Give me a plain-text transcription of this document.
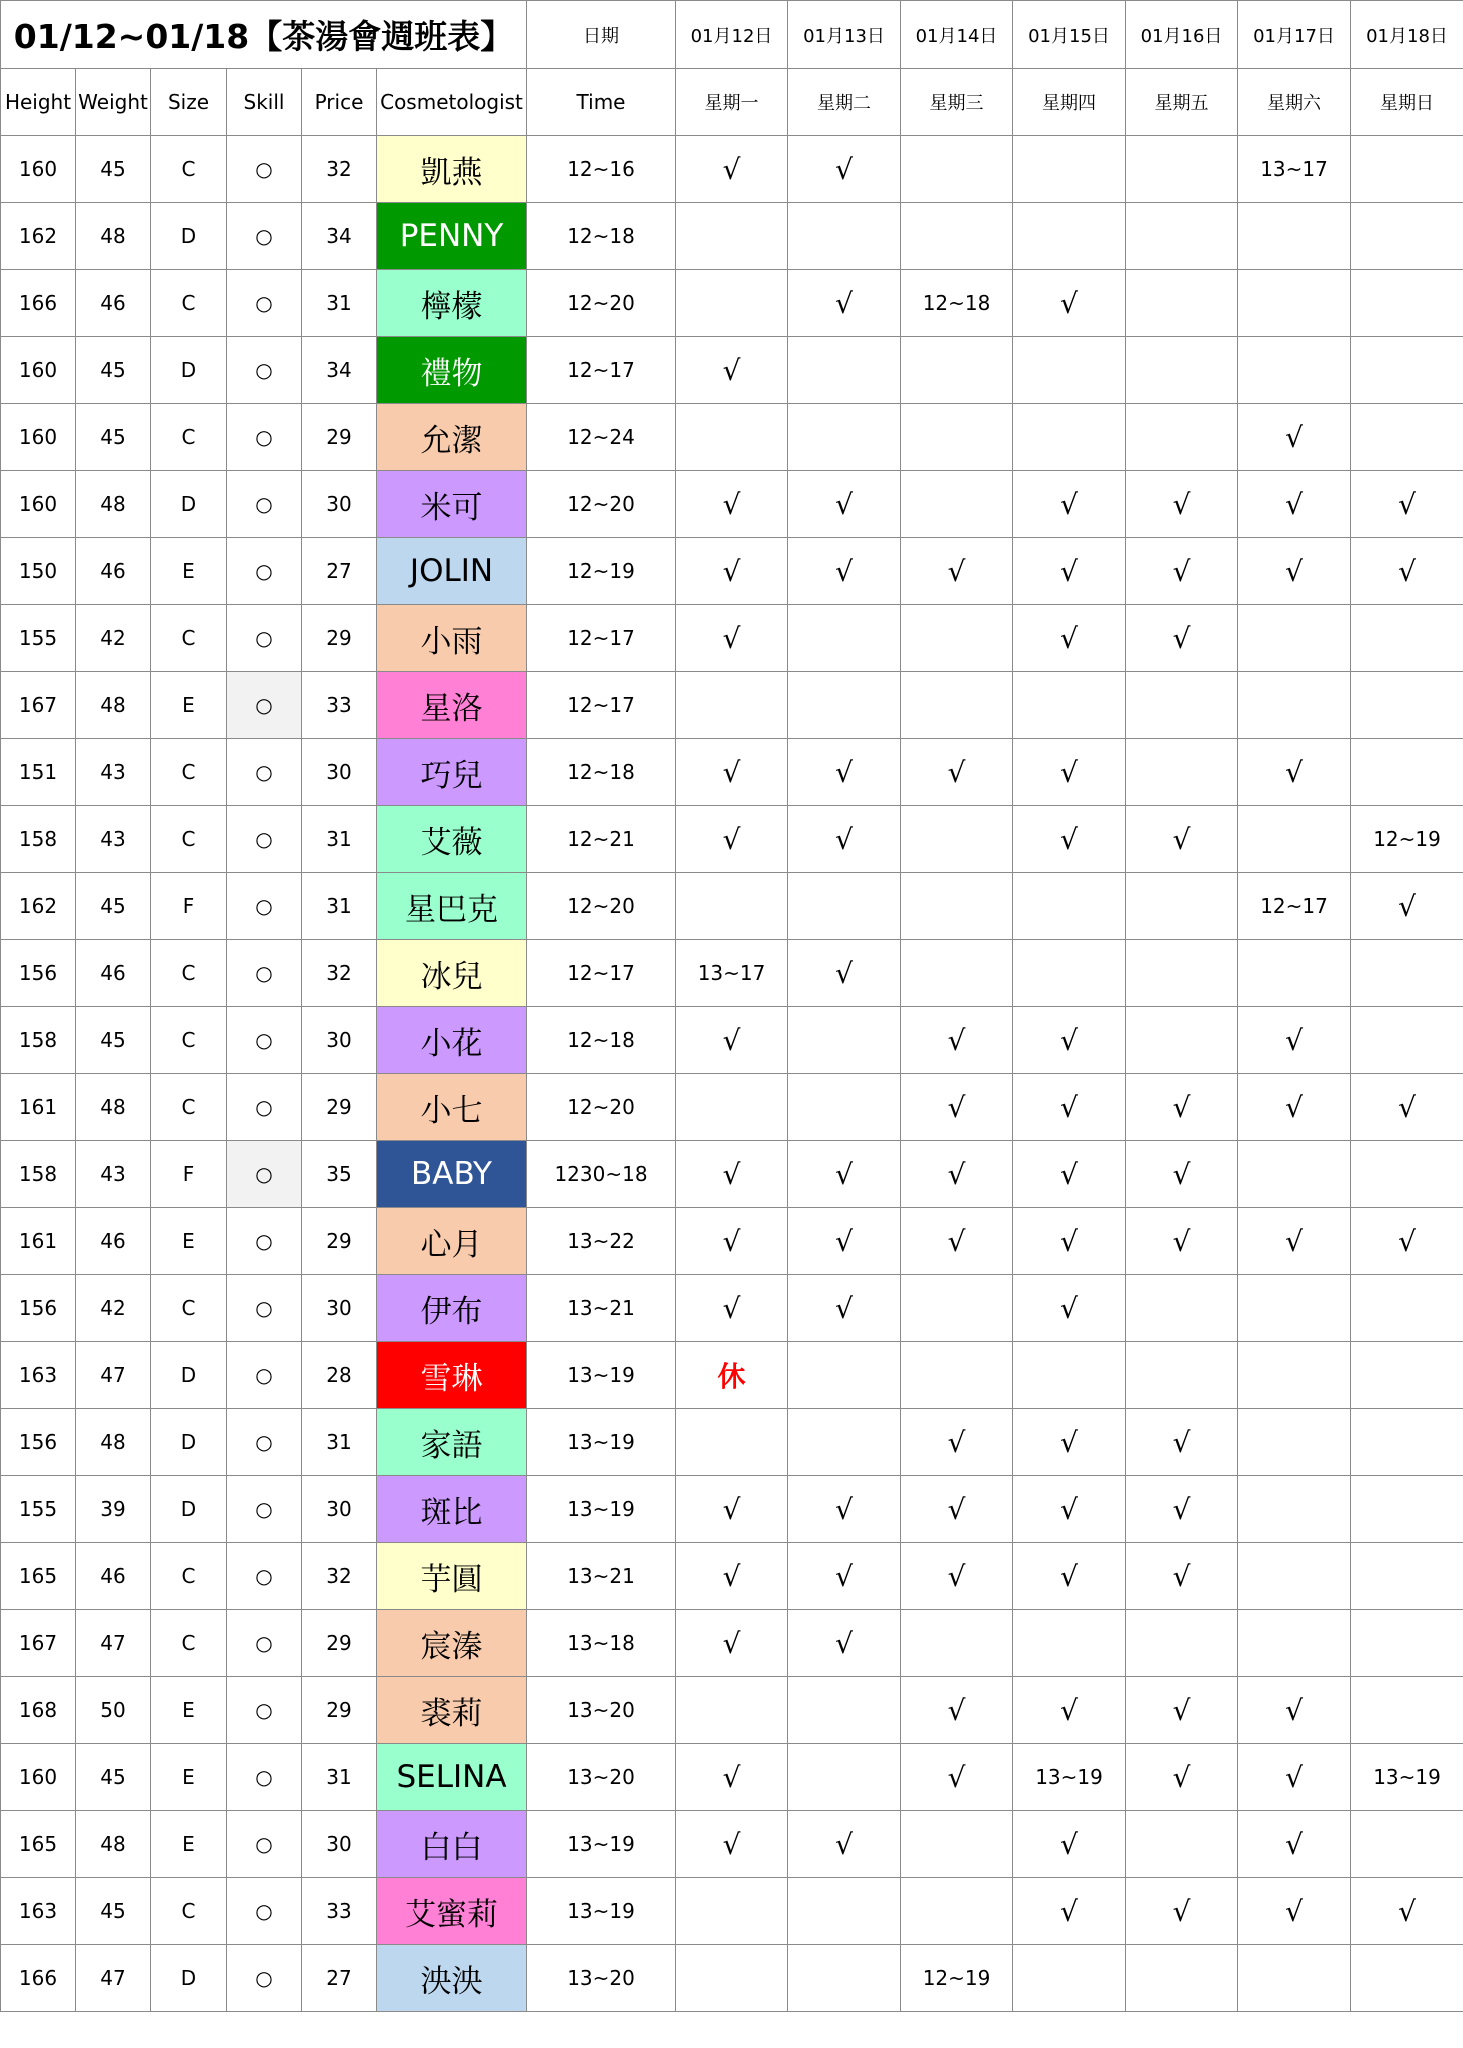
01/12~01/18【茶湯會週班表】						日期	01月12日	01月13日	01月14日	01月15日	01月16日	01月17日	01月18日
Height	Weight	Size	Skill	Price	Cosmetologist	Time	星期一	星期二	星期三	星期四	星期五	星期六	星期日
160	45	C	○	32	凱燕	12~16	√	√				13~17	
162	48	D	○	34	PENNY	12~18							
166	46	C	○	31	檸檬	12~20		√	12~18	√			
160	45	D	○	34	禮物	12~17	√						
160	45	C	○	29	允潔	12~24						√	
160	48	D	○	30	米可	12~20	√	√		√	√	√	√
150	46	E	○	27	JOLIN	12~19	√	√	√	√	√	√	√
155	42	C	○	29	小雨	12~17	√			√	√		
167	48	E	○	33	星洛	12~17							
151	43	C	○	30	巧兒	12~18	√	√	√	√		√	
158	43	C	○	31	艾薇	12~21	√	√		√	√		12~19
162	45	F	○	31	星巴克	12~20						12~17	√
156	46	C	○	32	冰兒	12~17	13~17	√					
158	45	C	○	30	小花	12~18	√		√	√		√	
161	48	C	○	29	小七	12~20			√	√	√	√	√
158	43	F	○	35	BABY	1230~18	√	√	√	√	√		
161	46	E	○	29	心月	13~22	√	√	√	√	√	√	√
156	42	C	○	30	伊布	13~21	√	√		√			
163	47	D	○	28	雪琳	13~19	休						
156	48	D	○	31	家語	13~19			√	√	√		
155	39	D	○	30	斑比	13~19	√	√	√	√	√		
165	46	C	○	32	芋圓	13~21	√	√	√	√	√		
167	47	C	○	29	宸溱	13~18	√	√					
168	50	E	○	29	裘莉	13~20			√	√	√	√	
160	45	E	○	31	SELINA	13~20	√		√	13~19	√	√	13~19
165	48	E	○	30	白白	13~19	√	√		√		√	
163	45	C	○	33	艾蜜莉	13~19				√	√	√	√
166	47	D	○	27	泱泱	13~20			12~19				
